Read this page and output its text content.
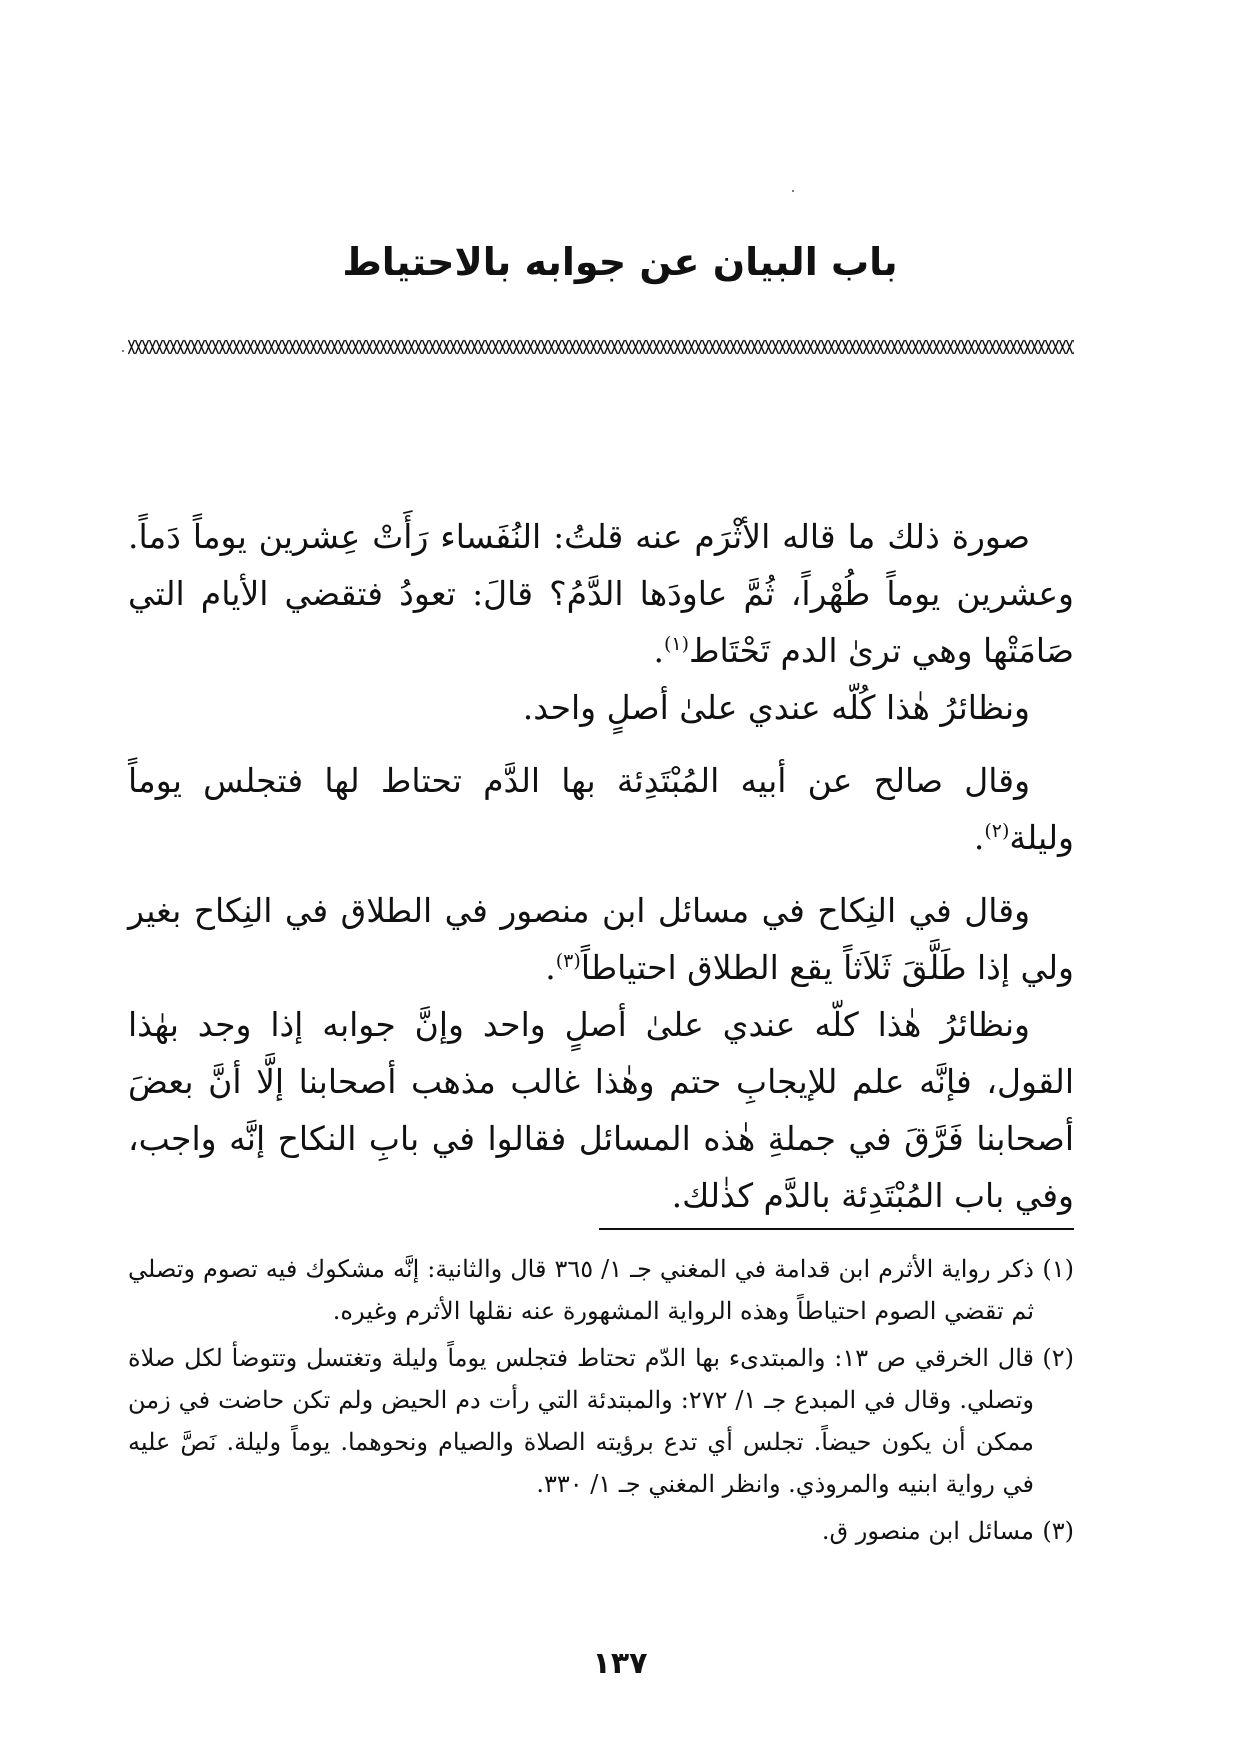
باب البيان عن جوابه بالاحتياط

صورة ذلك ما قاله الأثْرَم عنه قلتُ: النُفَساء رَأَتْ عِشرين يوماً دَماً. وعشرين يوماً طُهْراً، ثُمَّ عاودَها الدَّمُ؟ قالَ: تعودُ فتقضي الأيام التي صَامَتْها وهي ترىٰ الدم تَحْتَاط$^{(١)}$.

ونظائرُ هٰذا كُلّه عندي علىٰ أصلٍ واحد.

وقال صالح عن أبيه المُبْتَدِئة بها الدَّم تحتاط لها فتجلس يوماً وليلة$^{(٢)}$.

وقال في النِكاح في مسائل ابن منصور في الطلاق في النِكاح بغير ولي إذا طَلَّقَ ثَلاَثاً يقع الطلاق احتياطاً$^{(٣)}$.

ونظائرُ هٰذا كلّه عندي علىٰ أصلٍ واحد وإنَّ جوابه إذا وجد بهٰذا القول، فإنَّه علم للإيجابِ حتم وهٰذا غالب مذهب أصحابنا إلَّا أنَّ بعضَ أصحابنا فَرَّقَ في جملةِ هٰذه المسائل فقالوا في بابِ النكاح إنَّه واجب، وفي باب المُبْتَدِئة بالدَّم كذٰلك.

(١)ذكر رواية الأثرم ابن قدامة في المغني جـ ١/ ٣٦٥ قال والثانية: إنَّه مشكوك فيه تصوم وتصلي ثم تقضي الصوم احتياطاً وهذه الرواية المشهورة عنه نقلها الأثرم وغيره.

(٢)قال الخرقي ص ١٣: والمبتدىء بها الدّم تحتاط فتجلس يوماً وليلة وتغتسل وتتوضأ لكل صلاة وتصلي. وقال في المبدع جـ ١/ ٢٧٢: والمبتدئة التي رأت دم الحيض ولم تكن حاضت في زمن ممكن أن يكون حيضاً. تجلس أي تدع برؤيته الصلاة والصيام ونحوهما. يوماً وليلة. نَصَّ عليه في رواية ابنيه والمروذي. وانظر المغني جـ ١/ ٣٣٠.

(٣)مسائل ابن منصور ق.

١٣٧
